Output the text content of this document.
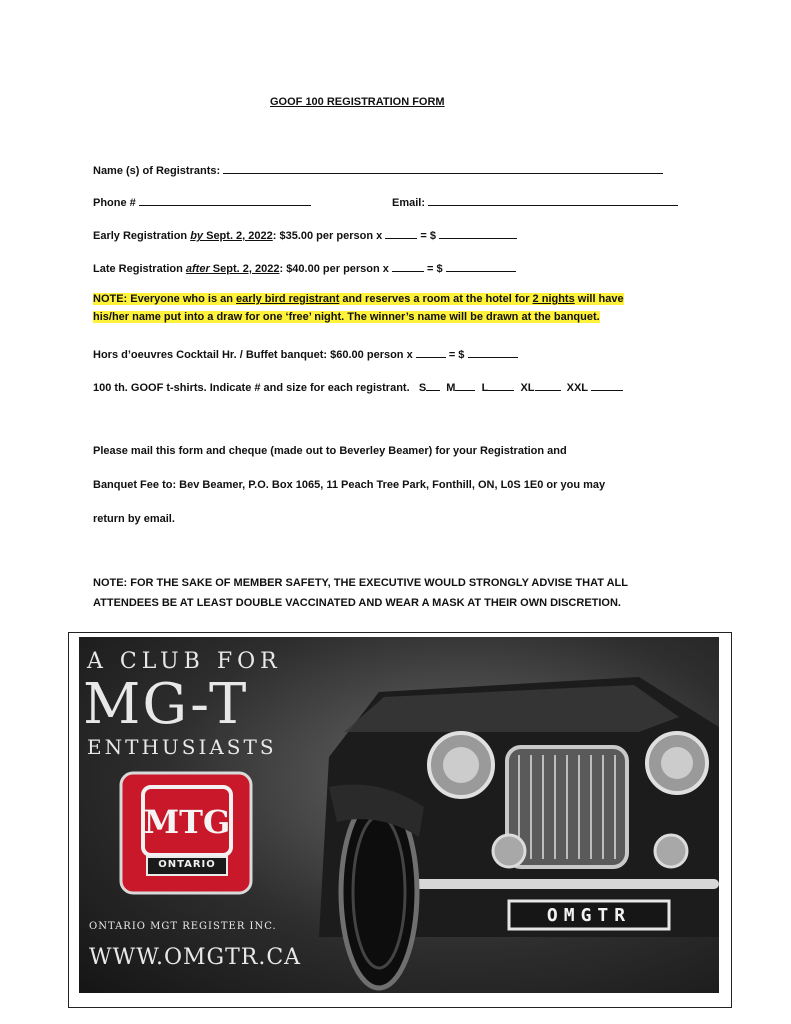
GOOF 100 REGISTRATION FORM
Name (s) of Registrants:
Phone #	Email:
Early Registration by Sept. 2, 2022: $35.00 per person x	= $
Late Registration after Sept. 2, 2022: $40.00 per person x	= $
NOTE: Everyone who is an early bird registrant and reserves a room at the hotel for 2 nights will have
his/her name put into a draw for one ‘free’ night. The winner’s name will be drawn at the banquet.
Hors d’oeuvres Cocktail Hr. / Buffet banquet: $60.00 person x	= $
100 th. GOOF t-shirts. Indicate # and size for each registrant. S M L	XL	XXL
Please mail this form and cheque (made out to Beverley Beamer) for your Registration and
Banquet Fee to: Bev Beamer, P.O. Box 1065, 11 Peach Tree Park, Fonthill, ON, L0S 1E0 or you may
return by email.
NOTE: FOR THE SAKE OF MEMBER SAFETY, THE EXECUTIVE WOULD STRONGLY ADVISE THAT ALL
ATTENDEES BE AT LEAST DOUBLE VACCINATED AND WEAR A MASK AT THEIR OWN DISCRETION.
A CLUB FOR
MG-T
ENTHUSIASTS
MTG
ONTARIO
ONTARIO MGT REGISTER INC.
WWW.OMGTR.CA
OMGTR
